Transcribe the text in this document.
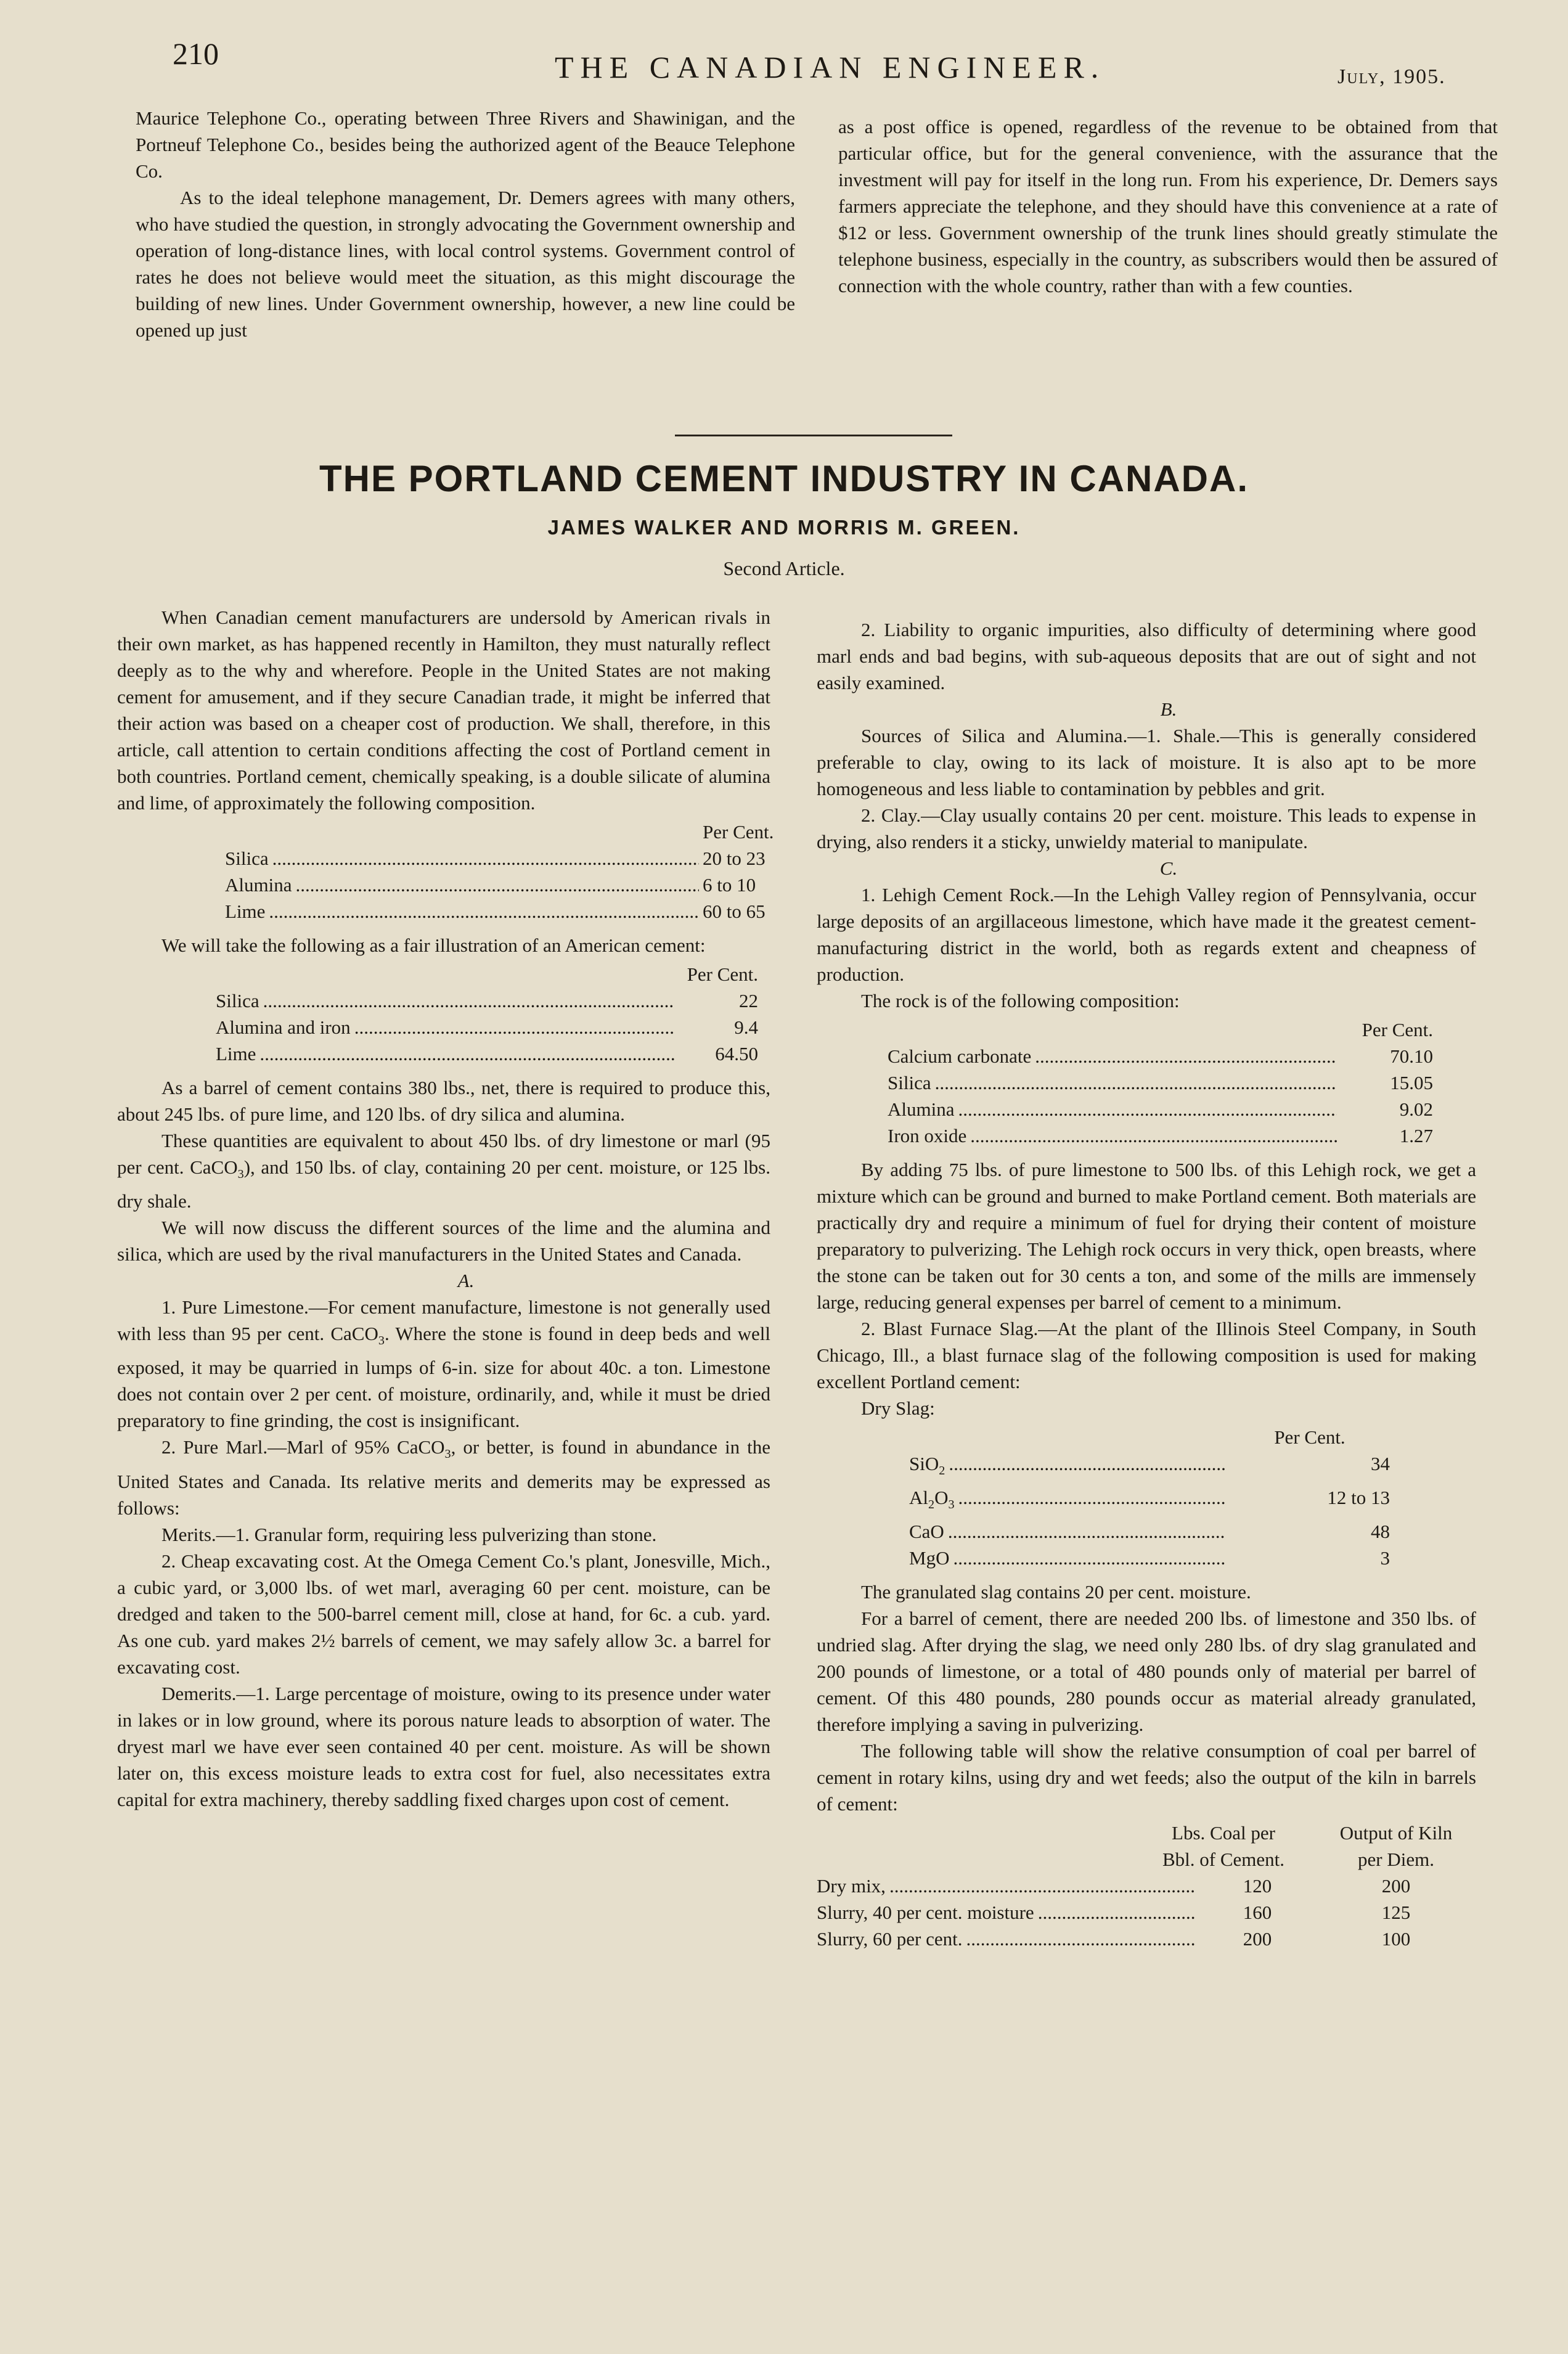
210	THE CANADIAN ENGINEER.	July, 1905.

Maurice Telephone Co., operating between Three Rivers and Shawinigan, and the Portneuf Telephone Co., besides being the authorized agent of the Beauce Telephone Co.

As to the ideal telephone management, Dr. Demers agrees with many others, who have studied the question, in strongly advocating the Government ownership and operation of long-distance lines, with local control systems. Government control of rates he does not believe would meet the situation, as this might discourage the building of new lines. Under Government ownership, however, a new line could be opened up just

as a post office is opened, regardless of the revenue to be obtained from that particular office, but for the general convenience, with the assurance that the investment will pay for itself in the long run. From his experience, Dr. Demers says farmers appreciate the telephone, and they should have this convenience at a rate of $12 or less. Government ownership of the trunk lines should greatly stimulate the telephone business, especially in the country, as subscribers would then be assured of connection with the whole country, rather than with a few counties.

THE PORTLAND CEMENT INDUSTRY IN CANADA.
JAMES WALKER AND MORRIS M. GREEN.
Second Article.

When Canadian cement manufacturers are undersold by American rivals in their own market, as has happened recently in Hamilton, they must naturally reflect deeply as to the why and wherefore. People in the United States are not making cement for amusement, and if they secure Canadian trade, it might be inferred that their action was based on a cheaper cost of production. We shall, therefore, in this article, call attention to certain conditions affecting the cost of Portland cement in both countries. Portland cement, chemically speaking, is a double silicate of alumina and lime, of approximately the following composition.

Per Cent.
Silica .....	20 to 23
Alumina .....	6 to 10
Lime .....	60 to 65

We will take the following as a fair illustration of an American cement:

Per Cent.
Silica .....	22
Alumina and iron .....	9.4
Lime .....	64.50

As a barrel of cement contains 380 lbs., net, there is required to produce this, about 245 lbs. of pure lime, and 120 lbs. of dry silica and alumina.

These quantities are equivalent to about 450 lbs. of dry limestone or marl (95 per cent. CaCO$_3$), and 150 lbs. of clay, containing 20 per cent. moisture, or 125 lbs. dry shale.

We will now discuss the different sources of the lime and the alumina and silica, which are used by the rival manufacturers in the United States and Canada.

A.

1. Pure Limestone.—For cement manufacture, limestone is not generally used with less than 95 per cent. CaCO$_3$. Where the stone is found in deep beds and well exposed, it may be quarried in lumps of 6-in. size for about 40c. a ton. Limestone does not contain over 2 per cent. of moisture, ordinarily, and, while it must be dried preparatory to fine grinding, the cost is insignificant.

2. Pure Marl.—Marl of 95% CaCO$_3$, or better, is found in abundance in the United States and Canada. Its relative merits and demerits may be expressed as follows:

Merits.—1. Granular form, requiring less pulverizing than stone.

2. Cheap excavating cost. At the Omega Cement Co.'s plant, Jonesville, Mich., a cubic yard, or 3,000 lbs. of wet marl, averaging 60 per cent. moisture, can be dredged and taken to the 500-barrel cement mill, close at hand, for 6c. a cub. yard. As one cub. yard makes 2½ barrels of cement, we may safely allow 3c. a barrel for excavating cost.

Demerits.—1. Large percentage of moisture, owing to its presence under water in lakes or in low ground, where its porous nature leads to absorption of water. The dryest marl we have ever seen contained 40 per cent. moisture. As will be shown later on, this excess moisture leads to extra cost for fuel, also necessitates extra capital for extra machinery, thereby saddling fixed charges upon cost of cement.

2. Liability to organic impurities, also difficulty of determining where good marl ends and bad begins, with sub-aqueous deposits that are out of sight and not easily examined.

B.

Sources of Silica and Alumina.—1. Shale.—This is generally considered preferable to clay, owing to its lack of moisture. It is also apt to be more homogeneous and less liable to contamination by pebbles and grit.

2. Clay.—Clay usually contains 20 per cent. moisture. This leads to expense in drying, also renders it a sticky, unwieldy material to manipulate.

C.

1. Lehigh Cement Rock.—In the Lehigh Valley region of Pennsylvania, occur large deposits of an argillaceous limestone, which have made it the greatest cement-manufacturing district in the world, both as regards extent and cheapness of production.

The rock is of the following composition:

Per Cent.
Calcium carbonate .....	70.10
Silica .....	15.05
Alumina .....	9.02
Iron oxide .....	1.27

By adding 75 lbs. of pure limestone to 500 lbs. of this Lehigh rock, we get a mixture which can be ground and burned to make Portland cement. Both materials are practically dry and require a minimum of fuel for drying their content of moisture preparatory to pulverizing. The Lehigh rock occurs in very thick, open breasts, where the stone can be taken out for 30 cents a ton, and some of the mills are immensely large, reducing general expenses per barrel of cement to a minimum.

2. Blast Furnace Slag.—At the plant of the Illinois Steel Company, in South Chicago, Ill., a blast furnace slag of the following composition is used for making excellent Portland cement:

Dry Slag:

Per Cent.
SiO$_2$ .....	34
$Al_2O_3$ .....	12 to 13
CaO .....	48
MgO .....	3

The granulated slag contains 20 per cent. moisture.

For a barrel of cement, there are needed 200 lbs. of limestone and 350 lbs. of undried slag. After drying the slag, we need only 280 lbs. of dry slag granulated and 200 pounds of limestone, or a total of 480 pounds only of material per barrel of cement. Of this 480 pounds, 280 pounds occur as material already granulated, therefore implying a saving in pulverizing.

The following table will show the relative consumption of coal per barrel of cement in rotary kilns, using dry and wet feeds; also the output of the kiln in barrels of cement:

Lbs. Coal per
Bbl. of Cement.
Output of Kiln
per Diem.
Dry mix, .....	120	200
Slurry, 40 per cent. moisture .....	160	125
Slurry, 60 per cent. .....	200	100
